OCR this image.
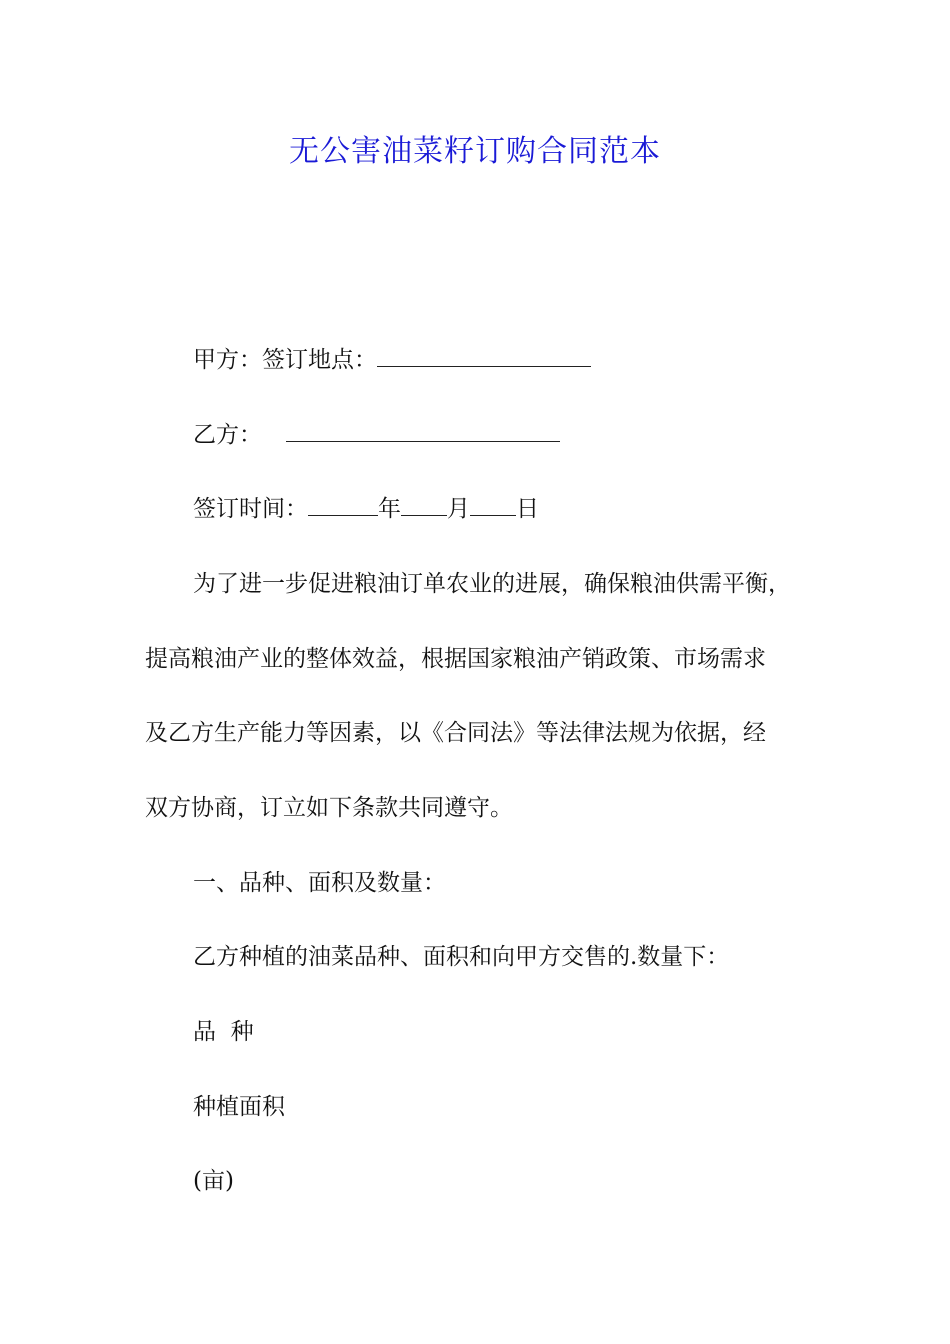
无公害油菜籽订购合同范本
甲方：签订地点：
乙方：
签订时间：	年 月 日
为了进一步促进粮油订单农业的进展，确保粮油供需平衡，
提高粮油产业的整体效益，根据国家粮油产销政策、市场需求
及乙方生产能力等因素，以《合同法》等法律法规为依据，经
双方协商，订立如下条款共同遵守。
一、品种、面积及数量：
乙方种植的油菜品种、面积和向甲方交售的.数量下：
品  种
种植面积
(亩)
